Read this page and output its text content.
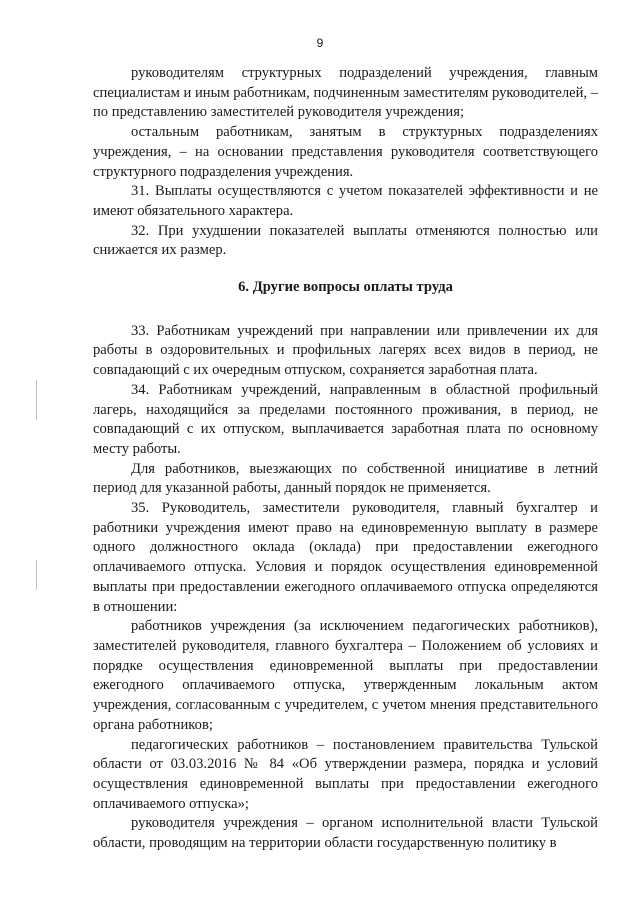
9

руководителям структурных подразделений учреждения, главным специалистам и иным работникам, подчиненным заместителям руководителей, – по представлению заместителей руководителя учреждения;

остальным работникам, занятым в структурных подразделениях учреждения, – на основании представления руководителя соответствующего структурного подразделения учреждения.

31. Выплаты осуществляются с учетом показателей эффективности и не имеют обязательного характера.

32. При ухудшении показателей выплаты отменяются полностью или снижается их размер.

6. Другие вопросы оплаты труда

33. Работникам учреждений при направлении или привлечении их для работы в оздоровительных и профильных лагерях всех видов в период, не совпадающий с их очередным отпуском, сохраняется заработная плата.

34. Работникам учреждений, направленным в областной профильный лагерь, находящийся за пределами постоянного проживания, в период, не совпадающий с их отпуском, выплачивается заработная плата по основному месту работы.

Для работников, выезжающих по собственной инициативе в летний период для указанной работы, данный порядок не применяется.

35. Руководитель, заместители руководителя, главный бухгалтер и работники учреждения имеют право на единовременную выплату в размере одного должностного оклада (оклада) при предоставлении ежегодного оплачиваемого отпуска. Условия и порядок осуществления единовременной выплаты при предоставлении ежегодного оплачиваемого отпуска определяются в отношении:

работников учреждения (за исключением педагогических работников), заместителей руководителя, главного бухгалтера – Положением об условиях и порядке осуществления единовременной выплаты при предоставлении ежегодного оплачиваемого отпуска, утвержденным локальным актом учреждения, согласованным с учредителем, с учетом мнения представительного органа работников;

педагогических работников – постановлением правительства Тульской области от 03.03.2016 № 84 «Об утверждении размера, порядка и условий осуществления единовременной выплаты при предоставлении ежегодного оплачиваемого отпуска»;

руководителя учреждения – органом исполнительной власти Тульской области, проводящим на территории области государственную политику в
